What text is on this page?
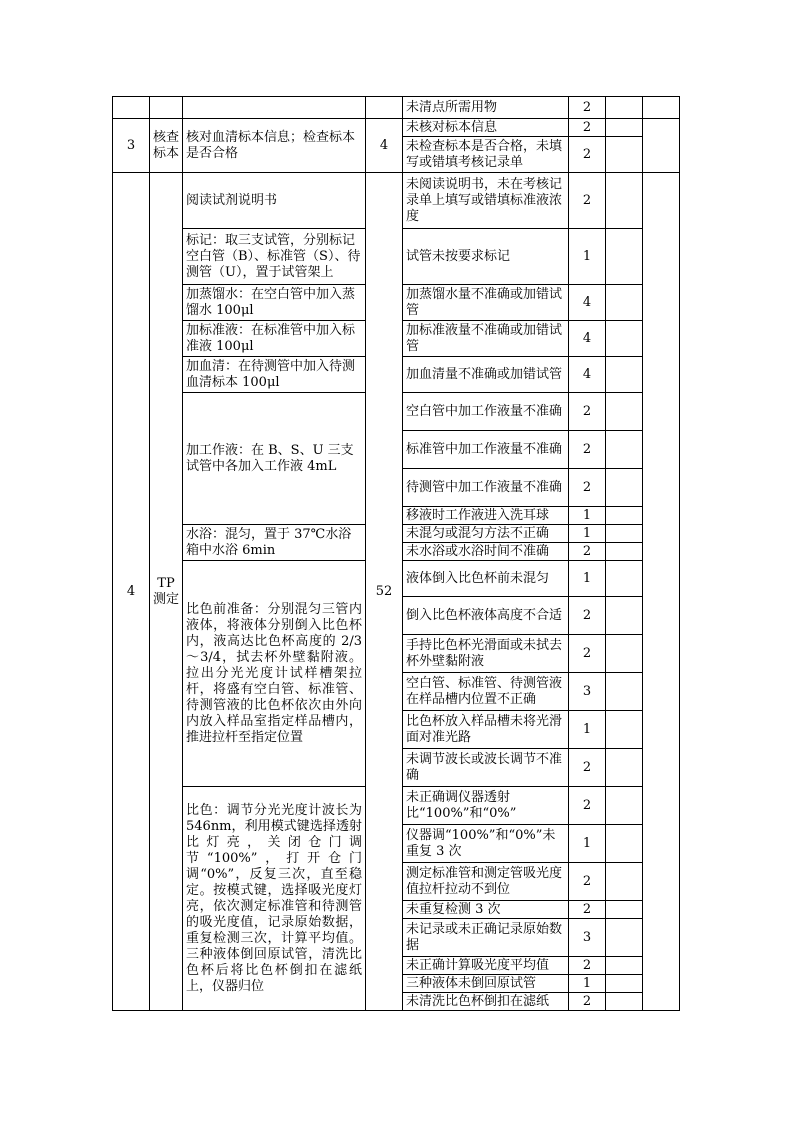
				未清点所需用物	2		
3	核查标本	核对血清标本信息；检查标本是否合格	4	未核对标本信息	2		
				未检查标本是否合格，未填写或错填考核记录单	2		
4	TP测定	阅读试剂说明书	52	未阅读说明书，未在考核记录单上填写或错填标准液浓度	2		
		标记：取三支试管，分别标记空白管（B）、标准管（S）、待测管（U），置于试管架上		试管未按要求标记	1		
		加蒸馏水：在空白管中加入蒸馏水 100μl		加蒸馏水量不准确或加错试管	4		
		加标准液：在标准管中加入标准液 100μl		加标准液量不准确或加错试管	4		
		加血清：在待测管中加入待测血清标本 100μl		加血清量不准确或加错试管	4		
		加工作液：在 B、S、U 三支试管中各加入工作液 4mL		空白管中加工作液量不准确	2		
				标准管中加工作液量不准确	2		
				待测管中加工作液量不准确	2		
				移液时工作液进入洗耳球	1		
		水浴：混匀，置于 37℃水浴箱中水浴 6min		未混匀或混匀方法不正确	1		
				未水浴或水浴时间不准确	2		
		比色前准备：分别混匀三管内液体，将液体分别倒入比色杯内，液高达比色杯高度的 2/3～3/4，拭去杯外壁黏附液。拉出分光光度计试样槽架拉杆，将盛有空白管、标准管、待测管液的比色杯依次由外向内放入样品室指定样品槽内，推进拉杆至指定位置		液体倒入比色杯前未混匀	1		
				倒入比色杯液体高度不合适	2		
				手持比色杯光滑面或未拭去杯外壁黏附液	2		
				空白管、标准管、待测管液在样品槽内位置不正确	3		
				比色杯放入样品槽未将光滑面对准光路	1		
				未调节波长或波长调节不准确	2		
		比色：调节分光光度计波长为 546nm，利用模式键选择透射比灯亮，关闭仓门调节“100%”，打开仓门调“0%”，反复三次，直至稳定。按模式键，选择吸光度灯亮，依次测定标准管和待测管的吸光度值，记录原始数据，重复检测三次，计算平均值。三种液体倒回原试管，清洗比色杯后将比色杯倒扣在滤纸上，仪器归位		未正确调仪器透射比“100%”和“0%”	2		
				仪器调“100%”和“0%”未重复 3 次	1		
				测定标准管和测定管吸光度值拉杆拉动不到位	2		
				未重复检测 3 次	2		
				未记录或未正确记录原始数据	3		
				未正确计算吸光度平均值	2		
				三种液体未倒回原试管	1		
				未清洗比色杯倒扣在滤纸	2		
